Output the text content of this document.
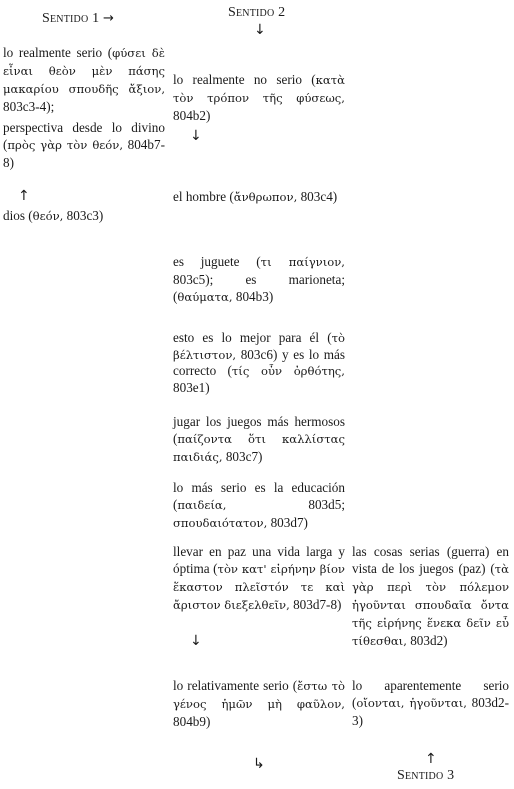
Sentido 1 →	Sentido 2
↓
lo realmente serio (φύσει δὲ εἶναι θεὸν μὲν πάσης μακαρίου σπουδῆς ἄξιον, 803c3-4);
perspectiva desde lo divino (πρὸς γὰρ τὸν θεόν, 804b7-8)
↑
dios (θεόν, 803c3)
lo realmente no serio (κατὰ τὸν τρόπον τῆς φύσεως, 804b2)
↓
el hombre (ἄνθρωπον, 803c4)
es juguete (τι παίγνιον, 803c5); es marioneta; (θαύματα, 804b3)
esto es lo mejor para él (τὸ βέλτιστον, 803c6) y es lo más correcto (τίς οὖν ὀρθότης, 803e1)
jugar los juegos más hermosos (παίζοντα ὅτι καλλίστας παιδιάς, 803c7)
lo más serio es la educación (παιδεία, 803d5; σπουδαιότατον, 803d7)
llevar en paz una vida larga y óptima (τὸν κατ' εἰρήνην βίον ἕκαστον πλεῖστόν τε καὶ ἄριστον διεξελθεῖν, 803d7-8)
↓
lo relativamente serio (ἔστω τὸ γένος ἡμῶν μὴ φαῦλον, 804b9)
↳
las cosas serias (guerra) en vista de los juegos (paz) (τὰ γὰρ περὶ τὸν πόλεμον ἡγοῦνται σπουδαῖα ὄντα τῆς εἰρήνης ἕνεκα δεῖν εὖ τίθεσθαι, 803d2)
lo aparentemente serio (οἴονται, ἡγοῦνται, 803d2-3)
↑
Sentido 3
